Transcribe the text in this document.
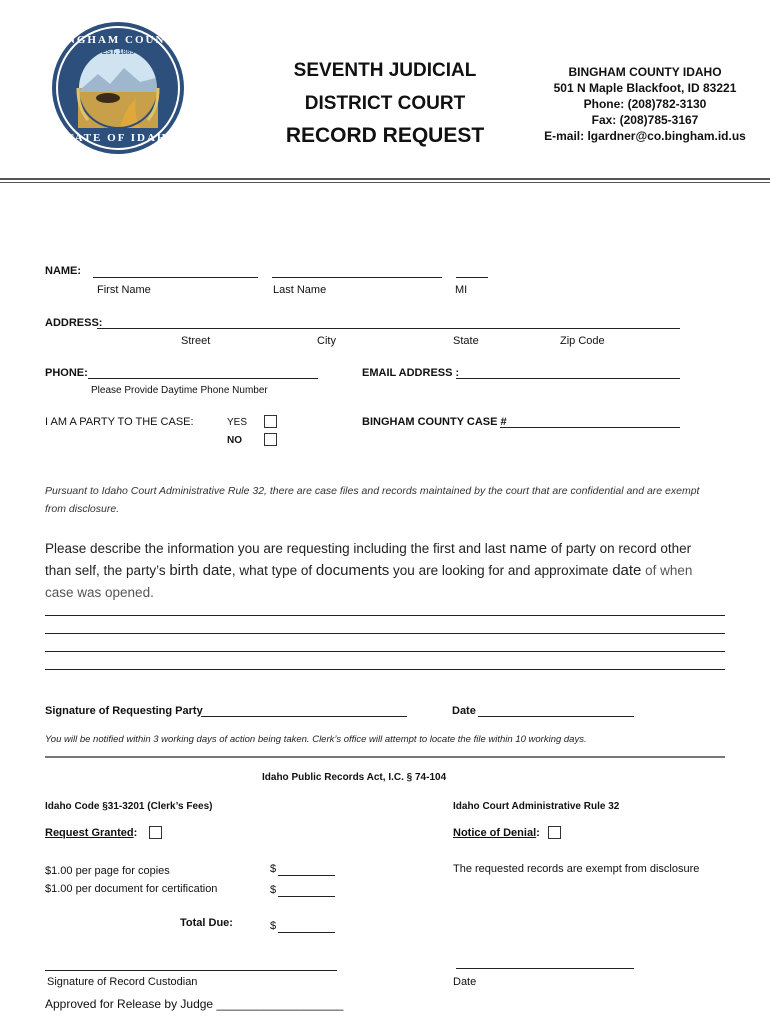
BINGHAM COUNTY
EST. 1885
STATE OF IDAHO
SEVENTH JUDICIAL
DISTRICT COURT
RECORD REQUEST
BINGHAM COUNTY IDAHO
501 N Maple Blackfoot, ID 83221
Phone: (208)782-3130
Fax: (208)785-3167
E-mail: lgardner@co.bingham.id.us
NAME:
First Name	Last Name	MI
ADDRESS:
Street	City	State	Zip Code
PHONE:
Please Provide Daytime Phone Number
EMAIL ADDRESS :
I AM A PARTY TO THE CASE:	YES
NO
BINGHAM COUNTY CASE #
Pursuant to Idaho Court Administrative Rule 32, there are case files and records maintained by the court that are confidential and are exempt from disclosure.
Please describe the information you are requesting including the first and last name of party on record other than self, the party’s birth date, what type of documents you are looking for and approximate date of when case was opened.
Signature of Requesting Party	Date
You will be notified within 3 working days of action being taken. Clerk’s office will attempt to locate the file within 10 working days.
Idaho Public Records Act, I.C. § 74-104
Idaho Code §31-3201 (Clerk’s Fees)	Idaho Court Administrative Rule 32
Request Granted:	Notice of Denial:
$1.00 per page for copies	$
$1.00 per document for certification	$
The requested records are exempt from disclosure
Total Due:	$
Signature of Record Custodian	Date
Approved for Release by Judge ___________________
